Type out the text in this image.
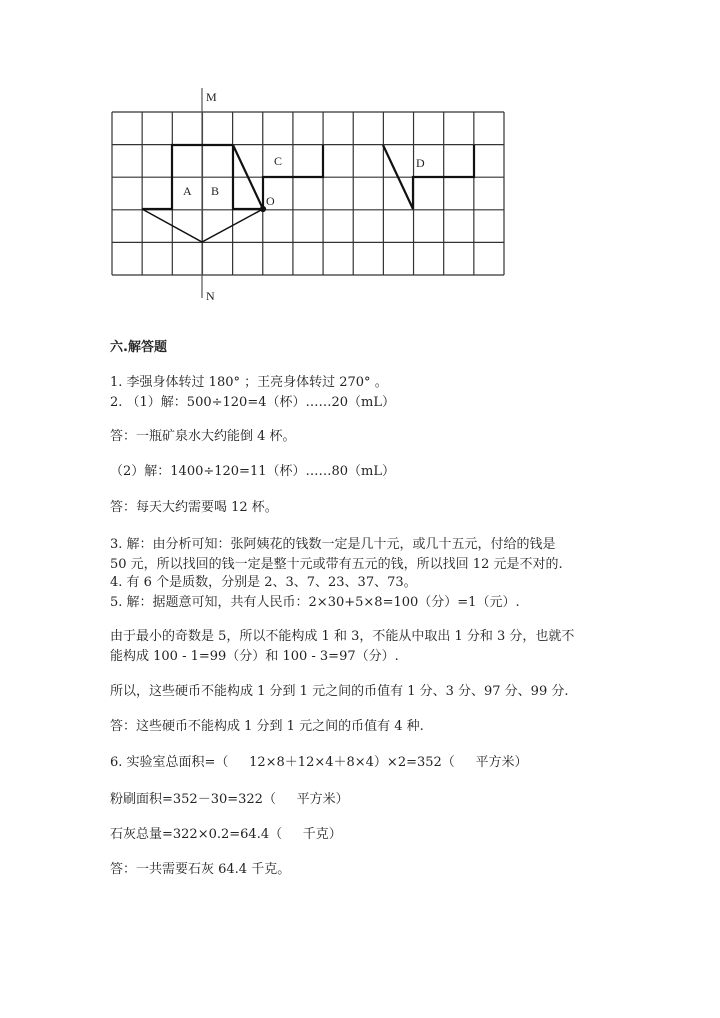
M
N
A B
C
O
D
六.解答题
1. 李强身体转过 180° ；王亮身体转过 270° 。
2. （1）解：500÷120=4（杯）……20（mL）
答：一瓶矿泉水大约能倒 4 杯。
（2）解：1400÷120=11（杯）……80（mL）
答：每天大约需要喝 12 杯。
3. 解：由分析可知：张阿姨花的钱数一定是几十元，或几十五元，付给的钱是
50 元，所以找回的钱一定是整十元或带有五元的钱，所以找回 12 元是不对的.
4. 有 6 个是质数，分别是 2、3、7、23、37、73。
5. 解：据题意可知，共有人民币：2×30+5×8=100（分）=1（元）.
由于最小的奇数是 5，所以不能构成 1 和 3，不能从中取出 1 分和 3 分，也就不
能构成 100 - 1=99（分）和 100 - 3=97（分）.
所以，这些硬币不能构成 1 分到 1 元之间的币值有 1 分、3 分、97 分、99 分.
答：这些硬币不能构成 1 分到 1 元之间的币值有 4 种.
6. 实验室总面积=（     12×8＋12×4＋8×4）×2=352（     平方米）
粉刷面积=352－30=322（     平方米）
石灰总量=322×0.2=64.4（     千克）
答：一共需要石灰 64.4 千克。
